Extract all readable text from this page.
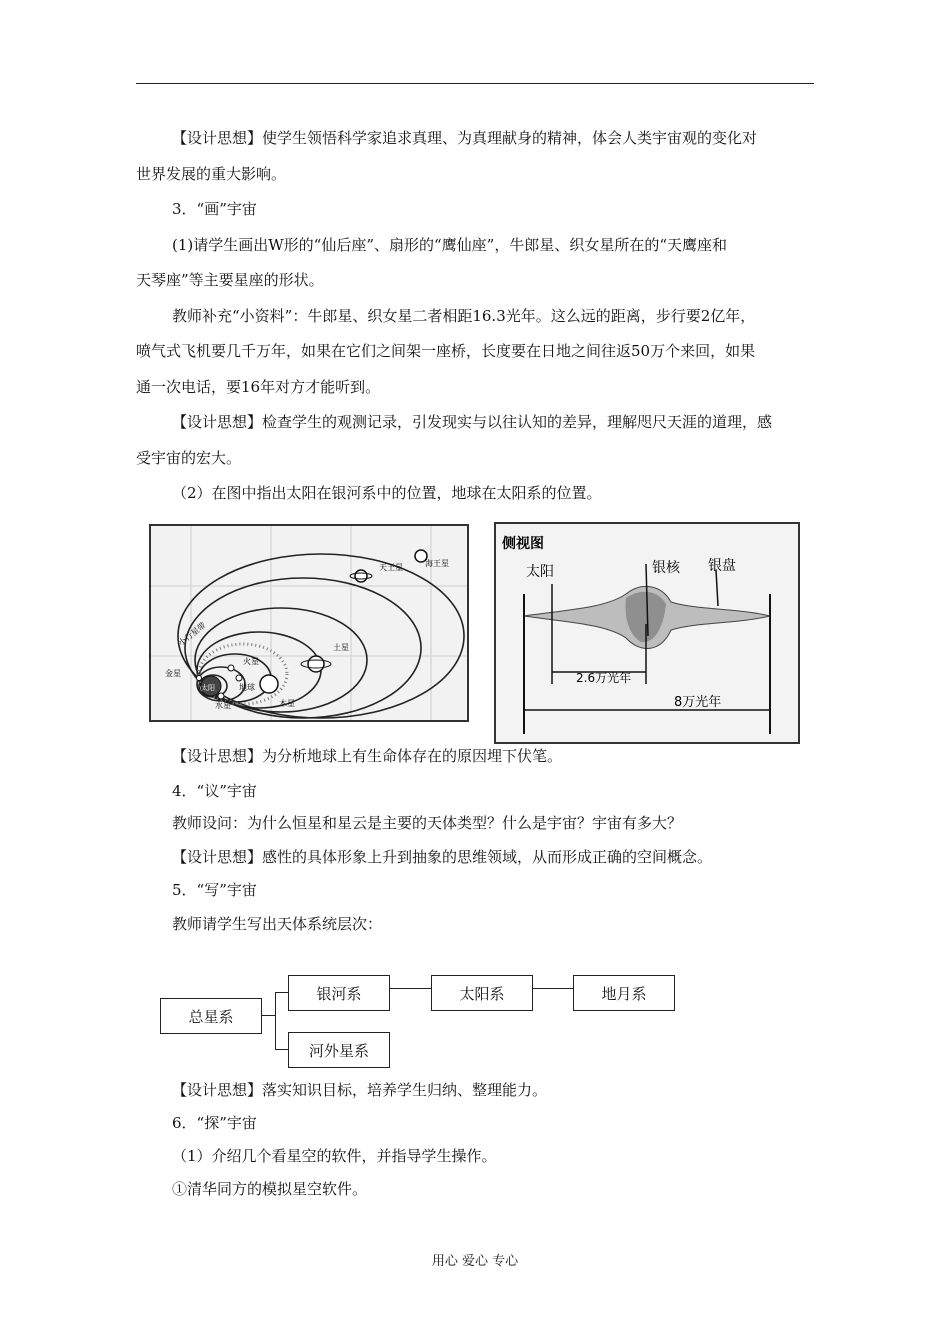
【设计思想】使学生领悟科学家追求真理、为真理献身的精神，体会人类宇宙观的变化对
世界发展的重大影响。
3．“画”宇宙
(1)请学生画出W形的“仙后座”、扇形的“鹰仙座”，牛郎星、织女星所在的“天鹰座和
天琴座”等主要星座的形状。
教师补充“小资料”：牛郎星、织女星二者相距16.3光年。这么远的距离，步行要2亿年，
喷气式飞机要几千万年，如果在它们之间架一座桥，长度要在日地之间往返50万个来回，如果
通一次电话，要16年对方才能听到。
【设计思想】检查学生的观测记录，引发现实与以往认知的差异，理解咫尺天涯的道理，感
受宇宙的宏大。
（2）在图中指出太阳在银河系中的位置，地球在太阳系的位置。
天王星	海王星
小行星带	土星
木星
火星
地球
金星
水星
太阳
侧视图
太阳	银核 银盘
2.6万光年
8万光年
【设计思想】为分析地球上有生命体存在的原因埋下伏笔。
4．“议”宇宙
教师设问：为什么恒星和星云是主要的天体类型？什么是宇宙？宇宙有多大？
【设计思想】感性的具体形象上升到抽象的思维领域，从而形成正确的空间概念。
5．“写”宇宙
教师请学生写出天体系统层次：
总星系
银河系	太阳系	地月系
河外星系
【设计思想】落实知识目标，培养学生归纳、整理能力。
6．“探”宇宙
（1）介绍几个看星空的软件，并指导学生操作。
①清华同方的模拟星空软件。
用心 爱心 专心
